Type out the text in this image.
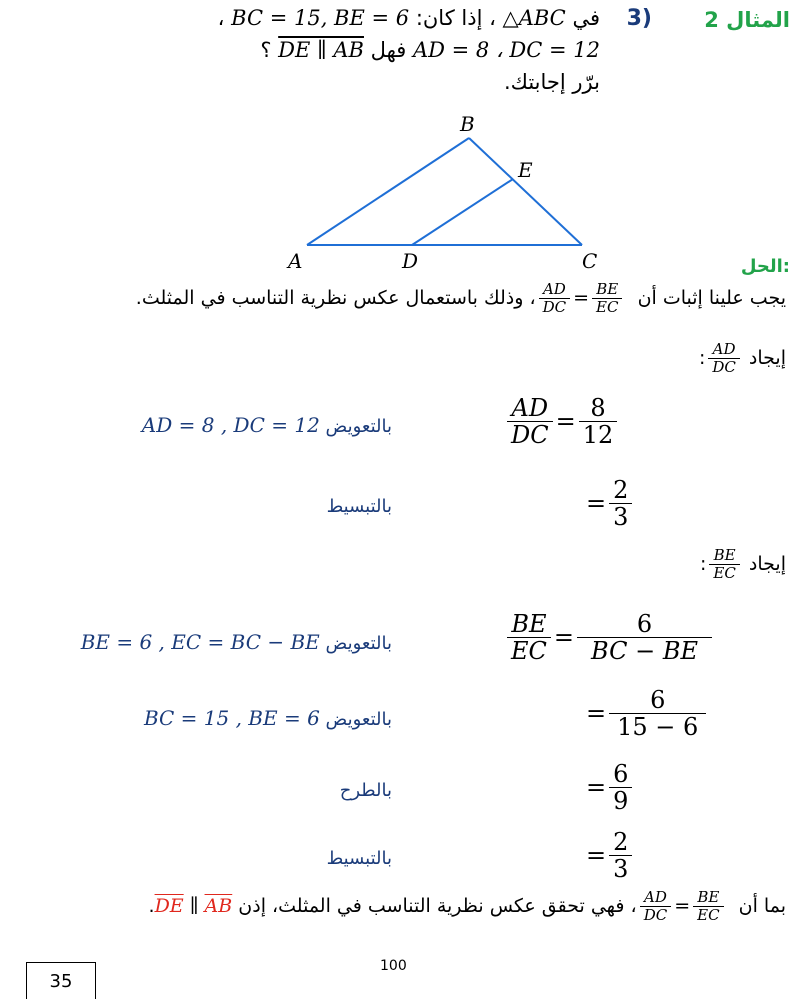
المثال 2
3)
في △ABC ، إذا كان: BC = 15, BE = 6 ،
AD = 8 ، DC = 12 فهل DE ∥ AB ؟
برّر إجابتك.
A
B
C
D
E
الحل:
يجب علينا إثبات أن
$\frac{AD}{DC} = \frac{BE}{EC}$
، وذلك باستعمال عكس نظرية التناسب في المثلث.
إيجاد
$\frac{AD}{DC}$
:
$\frac{AD}{DC} = \frac{8}{12}$
بالتعويض AD = 8 , DC = 12
= $\frac{2}{3}$
بالتبسيط
إيجاد
$\frac{BE}{EC}$
:
$\frac{BE}{EC} = \frac{6}{BC - BE}$
بالتعويض BE = 6 , EC = BC − BE
= $\frac{6}{15 - 6}$
بالتعويض BC = 15 , BE = 6
= $\frac{6}{9}$
بالطرح
= $\frac{2}{3}$
بالتبسيط
بما أن
$\frac{AD}{DC} = \frac{BE}{EC}$
، فهي تحقق عكس نظرية التناسب في المثلث، إذن $\overline{DE}$ ∥ $\overline{AB}$.
100
35
